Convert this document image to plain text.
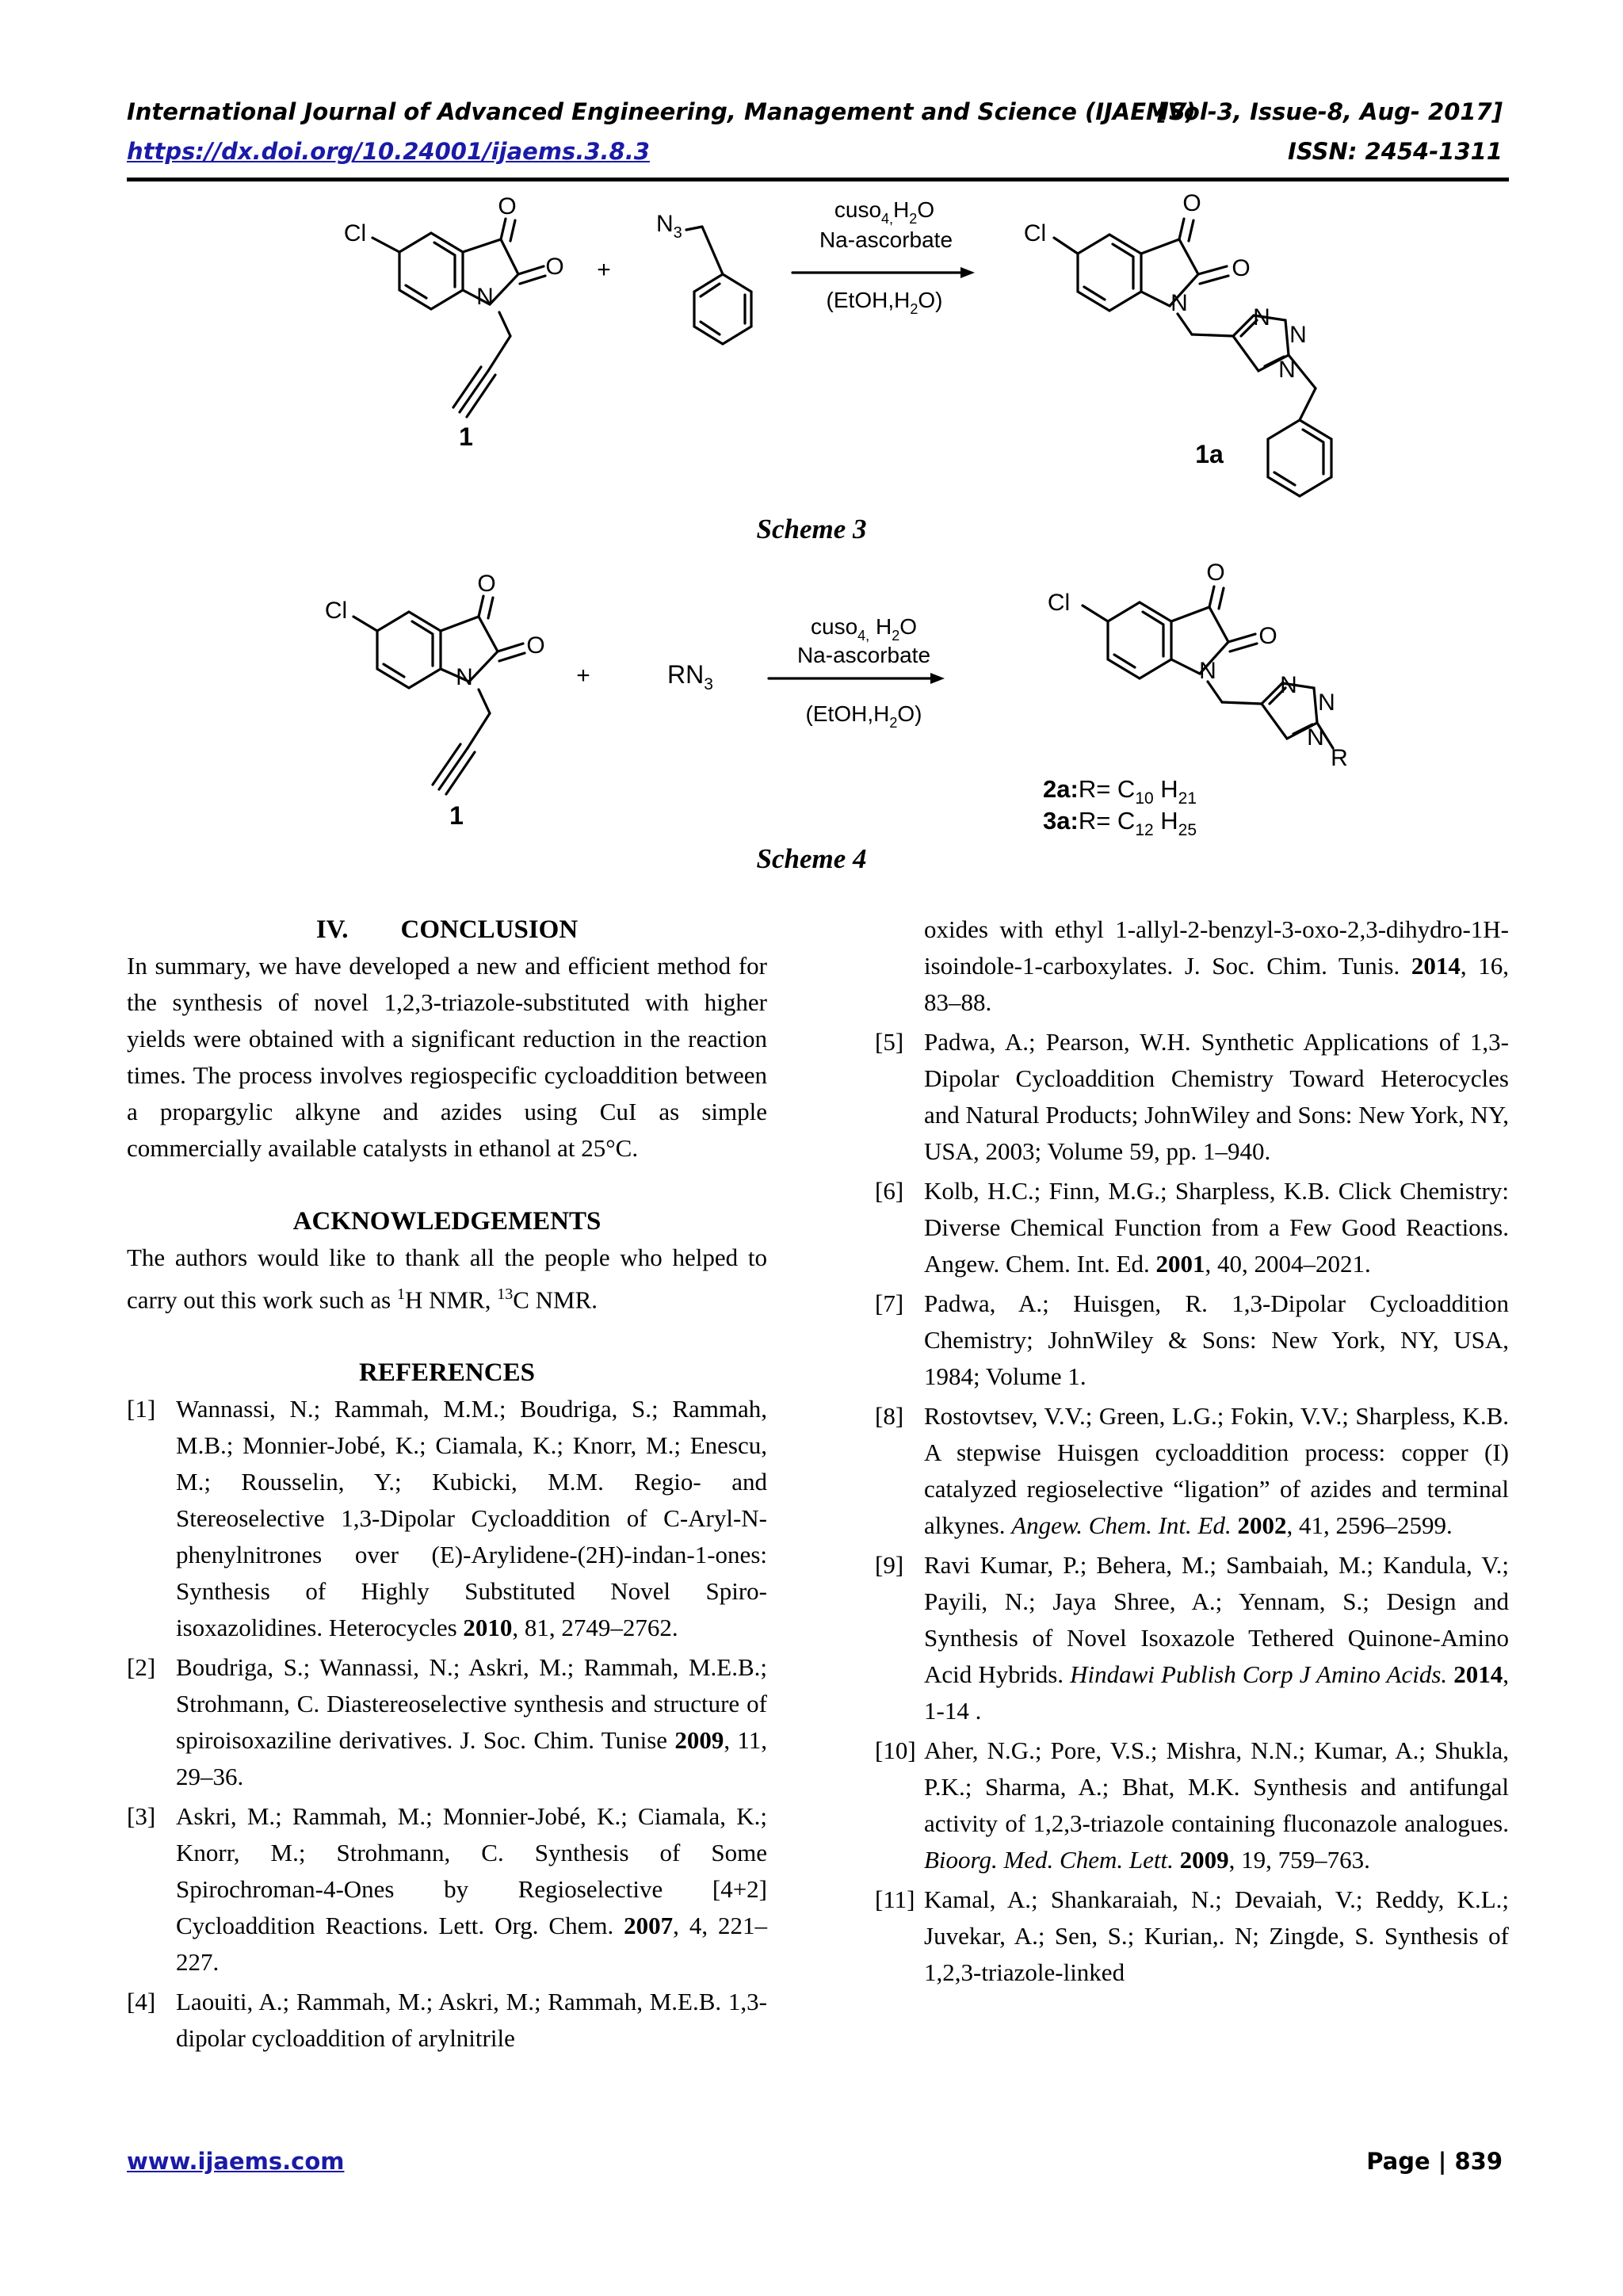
International Journal of Advanced Engineering, Management and Science (IJAEMS)
[Vol-3, Issue-8, Aug- 2017]
https://dx.doi.org/10.24001/ijaems.3.8.3	ISSN: 2454-1311
Cl
O
O
N
1
+
$N_3$
$cuso_{4,}H_2O$
Na-ascorbate
$(EtOH,H_2O)$
Cl
O
O
N
N
N
N
1a
Scheme 3
Cl
O
O
N
1
+	$RN_3$
cuso$_{4,}$ $H_2O$
Na-ascorbate
$(EtOH,H_2O)$
Cl
O
O
N
N
N
N
R
2a:R= $C_{10}$ $H_{21}$
3a:R= $C_{12}$ $H_{25}$
Scheme 4

IV.        CONCLUSION

In summary, we have developed a new and efficient method for the synthesis of novel 1,2,3-triazole-substituted with higher yields were obtained with a significant reduction in the reaction times. The process involves regiospecific cycloaddition between a propargylic alkyne and azides using CuI as simple commercially available catalysts in ethanol at 25°C.

ACKNOWLEDGEMENTS

The authors would like to thank all the people who helped to carry out this work such as $^1$H NMR, $^{13}$C NMR.

REFERENCES

[1] Wannassi, N.; Rammah, M.M.; Boudriga, S.; Rammah, M.B.; Monnier-Jobé, K.; Ciamala, K.; Knorr, M.; Enescu, M.; Rousselin, Y.; Kubicki, M.M. Regio- and Stereoselective 1,3-Dipolar Cycloaddition of C-Aryl-N-phenylnitrones over (E)-Arylidene-(2H)-indan-1-ones: Synthesis of Highly Substituted Novel Spiro-isoxazolidines. Heterocycles 2010, 81, 2749–2762.
[2] Boudriga, S.; Wannassi, N.; Askri, M.; Rammah, M.E.B.; Strohmann, C. Diastereoselective synthesis and structure of spiroisoxaziline derivatives. J. Soc. Chim. Tunise 2009, 11, 29–36.
[3] Askri, M.; Rammah, M.; Monnier-Jobé, K.; Ciamala, K.; Knorr, M.; Strohmann, C. Synthesis of Some Spirochroman-4-Ones by Regioselective [4+2] Cycloaddition Reactions. Lett. Org. Chem. 2007, 4, 221–227.
[4] Laouiti, A.; Rammah, M.; Askri, M.; Rammah, M.E.B. 1,3-dipolar cycloaddition of arylnitrile
oxides with ethyl 1-allyl-2-benzyl-3-oxo-2,3-dihydro-1H-isoindole-1-carboxylates. J. Soc. Chim. Tunis. 2014, 16, 83–88.
[5] Padwa, A.; Pearson, W.H. Synthetic Applications of 1,3-Dipolar Cycloaddition Chemistry Toward Heterocycles and Natural Products; JohnWiley and Sons: New York, NY, USA, 2003; Volume 59, pp. 1–940.
[6] Kolb, H.C.; Finn, M.G.; Sharpless, K.B. Click Chemistry: Diverse Chemical Function from a Few Good Reactions. Angew. Chem. Int. Ed. 2001, 40, 2004–2021.
[7] Padwa, A.; Huisgen, R. 1,3-Dipolar Cycloaddition Chemistry; JohnWiley & Sons: New York, NY, USA, 1984; Volume 1.
[8] Rostovtsev, V.V.; Green, L.G.; Fokin, V.V.; Sharpless, K.B. A stepwise Huisgen cycloaddition process: copper (I) catalyzed regioselective “ligation” of azides and terminal alkynes. Angew. Chem. Int. Ed. 2002, 41, 2596–2599.
[9] Ravi Kumar, P.; Behera, M.; Sambaiah, M.; Kandula, V.; Payili, N.; Jaya Shree, A.; Yennam, S.; Design and Synthesis of Novel Isoxazole Tethered Quinone-Amino Acid Hybrids. Hindawi Publish Corp J Amino Acids. 2014, 1-14 .
[10] Aher, N.G.; Pore, V.S.; Mishra, N.N.; Kumar, A.; Shukla, P.K.; Sharma, A.; Bhat, M.K. Synthesis and antifungal activity of 1,2,3-triazole containing fluconazole analogues. Bioorg. Med. Chem. Lett. 2009, 19, 759–763.
[11] Kamal, A.; Shankaraiah, N.; Devaiah, V.; Reddy, K.L.; Juvekar, A.; Sen, S.; Kurian,. N; Zingde, S. Synthesis of 1,2,3-triazole-linked
www.ijaems.com	Page | 839
